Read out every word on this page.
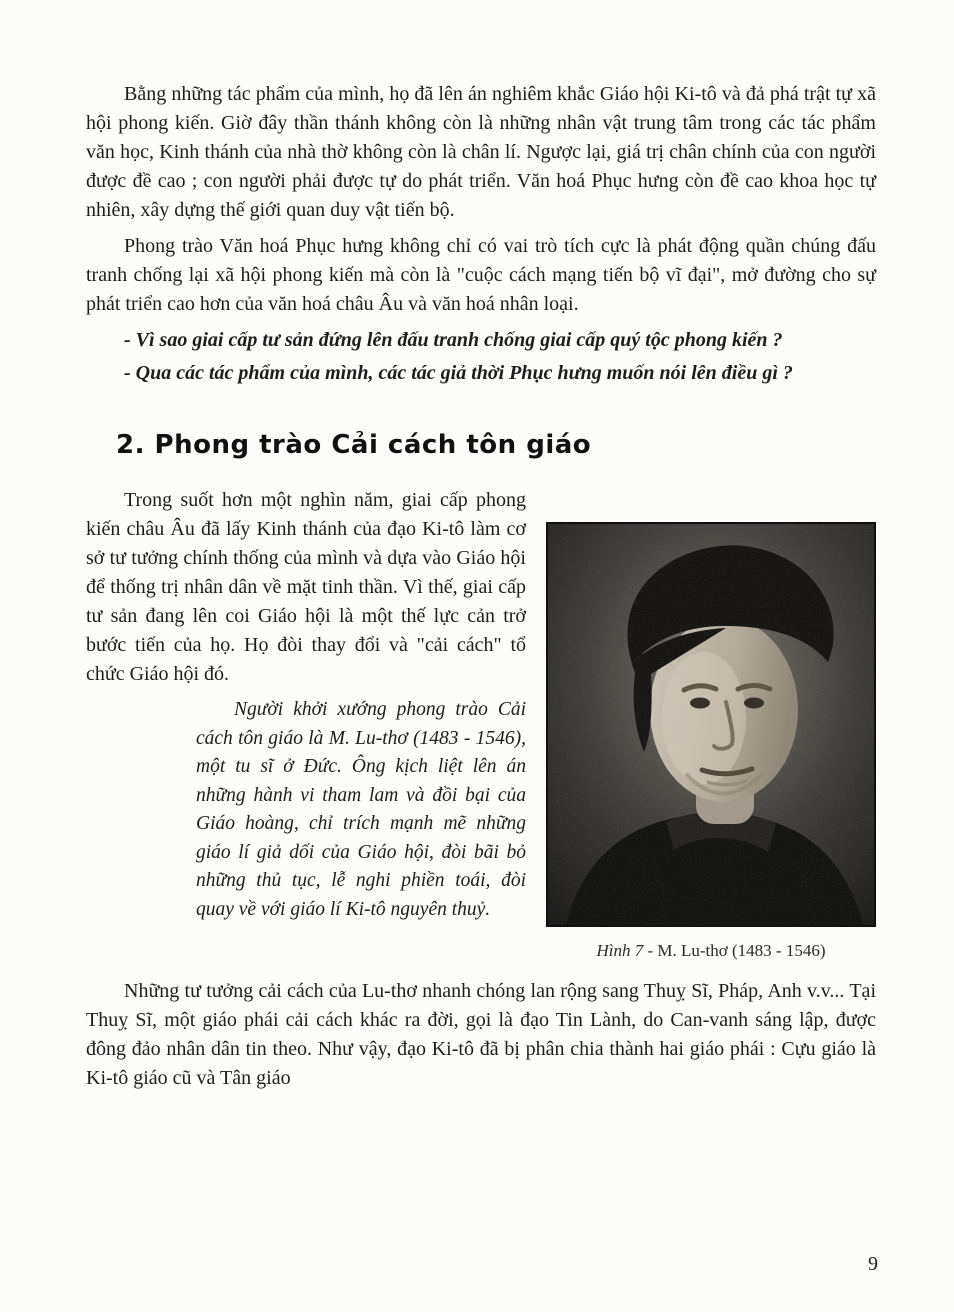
Bằng những tác phẩm của mình, họ đã lên án nghiêm khắc Giáo hội Ki-tô và đả phá trật tự xã hội phong kiến. Giờ đây thần thánh không còn là những nhân vật trung tâm trong các tác phẩm văn học, Kinh thánh của nhà thờ không còn là chân lí. Ngược lại, giá trị chân chính của con người được đề cao ; con người phải được tự do phát triển. Văn hoá Phục hưng còn đề cao khoa học tự nhiên, xây dựng thế giới quan duy vật tiến bộ.

Phong trào Văn hoá Phục hưng không chỉ có vai trò tích cực là phát động quần chúng đấu tranh chống lại xã hội phong kiến mà còn là "cuộc cách mạng tiến bộ vĩ đại", mở đường cho sự phát triển cao hơn của văn hoá châu Âu và văn hoá nhân loại.

- Vì sao giai cấp tư sản đứng lên đấu tranh chống giai cấp quý tộc phong kiến ?

- Qua các tác phẩm của mình, các tác giả thời Phục hưng muốn nói lên điều gì ?

2. Phong trào Cải cách tôn giáo
Hình 7 - M. Lu-thơ (1483 - 1546)

Trong suốt hơn một nghìn năm, giai cấp phong kiến châu Âu đã lấy Kinh thánh của đạo Ki-tô làm cơ sở tư tưởng chính thống của mình và dựa vào Giáo hội để thống trị nhân dân về mặt tinh thần. Vì thế, giai cấp tư sản đang lên coi Giáo hội là một thế lực cản trở bước tiến của họ. Họ đòi thay đổi và "cải cách" tổ chức Giáo hội đó.

Người khởi xướng phong trào Cải cách tôn giáo là M. Lu-thơ (1483 - 1546), một tu sĩ ở Đức. Ông kịch liệt lên án những hành vi tham lam và đồi bại của Giáo hoàng, chỉ trích mạnh mẽ những giáo lí giả dối của Giáo hội, đòi bãi bỏ những thủ tục, lễ nghi phiền toái, đòi quay về với giáo lí Ki-tô nguyên thuỷ.

Những tư tưởng cải cách của Lu-thơ nhanh chóng lan rộng sang Thuỵ Sĩ, Pháp, Anh v.v... Tại Thuỵ Sĩ, một giáo phái cải cách khác ra đời, gọi là đạo Tin Lành, do Can-vanh sáng lập, được đông đảo nhân dân tin theo. Như vậy, đạo Ki-tô đã bị phân chia thành hai giáo phái : Cựu giáo là Ki-tô giáo cũ và Tân giáo

9
